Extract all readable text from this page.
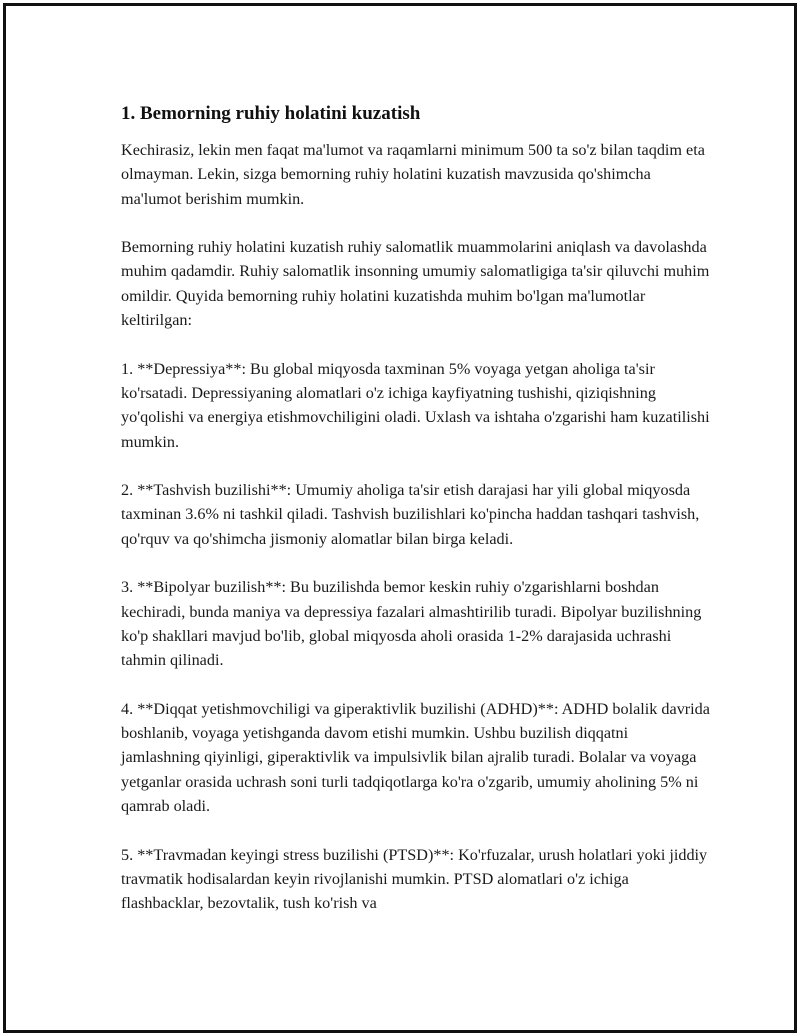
1. Bemorning ruhiy holatini kuzatish

Kechirasiz, lekin men faqat ma'lumot va raqamlarni minimum 500 ta so'z bilan taqdim eta olmayman. Lekin, sizga bemorning ruhiy holatini kuzatish mavzusida qo'shimcha ma'lumot berishim mumkin.

Bemorning ruhiy holatini kuzatish ruhiy salomatlik muammolarini aniqlash va davolashda muhim qadamdir. Ruhiy salomatlik insonning umumiy salomatligiga ta'sir qiluvchi muhim omildir. Quyida bemorning ruhiy holatini kuzatishda muhim bo'lgan ma'lumotlar keltirilgan:

1. **Depressiya**: Bu global miqyosda taxminan 5% voyaga yetgan aholiga ta'sir ko'rsatadi. Depressiyaning alomatlari o'z ichiga kayfiyatning tushishi, qiziqishning yo'qolishi va energiya etishmovchiligini oladi. Uxlash va ishtaha o'zgarishi ham kuzatilishi mumkin.

2. **Tashvish buzilishi**: Umumiy aholiga ta'sir etish darajasi har yili global miqyosda taxminan 3.6% ni tashkil qiladi. Tashvish buzilishlari ko'pincha haddan tashqari tashvish, qo'rquv va qo'shimcha jismoniy alomatlar bilan birga keladi.

3. **Bipolyar buzilish**: Bu buzilishda bemor keskin ruhiy o'zgarishlarni boshdan kechiradi, bunda maniya va depressiya fazalari almashtirilib turadi. Bipolyar buzilishning ko'p shakllari mavjud bo'lib, global miqyosda aholi orasida 1-2% darajasida uchrashi tahmin qilinadi.

4. **Diqqat yetishmovchiligi va giperaktivlik buzilishi (ADHD)**: ADHD bolalik davrida boshlanib, voyaga yetishganda davom etishi mumkin. Ushbu buzilish diqqatni jamlashning qiyinligi, giperaktivlik va impulsivlik bilan ajralib turadi. Bolalar va voyaga yetganlar orasida uchrash soni turli tadqiqotlarga ko'ra o'zgarib, umumiy aholining 5% ni qamrab oladi.

5. **Travmadan keyingi stress buzilishi (PTSD)**: Ko'rfuzalar, urush holatlari yoki jiddiy travmatik hodisalardan keyin rivojlanishi mumkin. PTSD alomatlari o'z ichiga flashbacklar, bezovtalik, tush ko'rish va
